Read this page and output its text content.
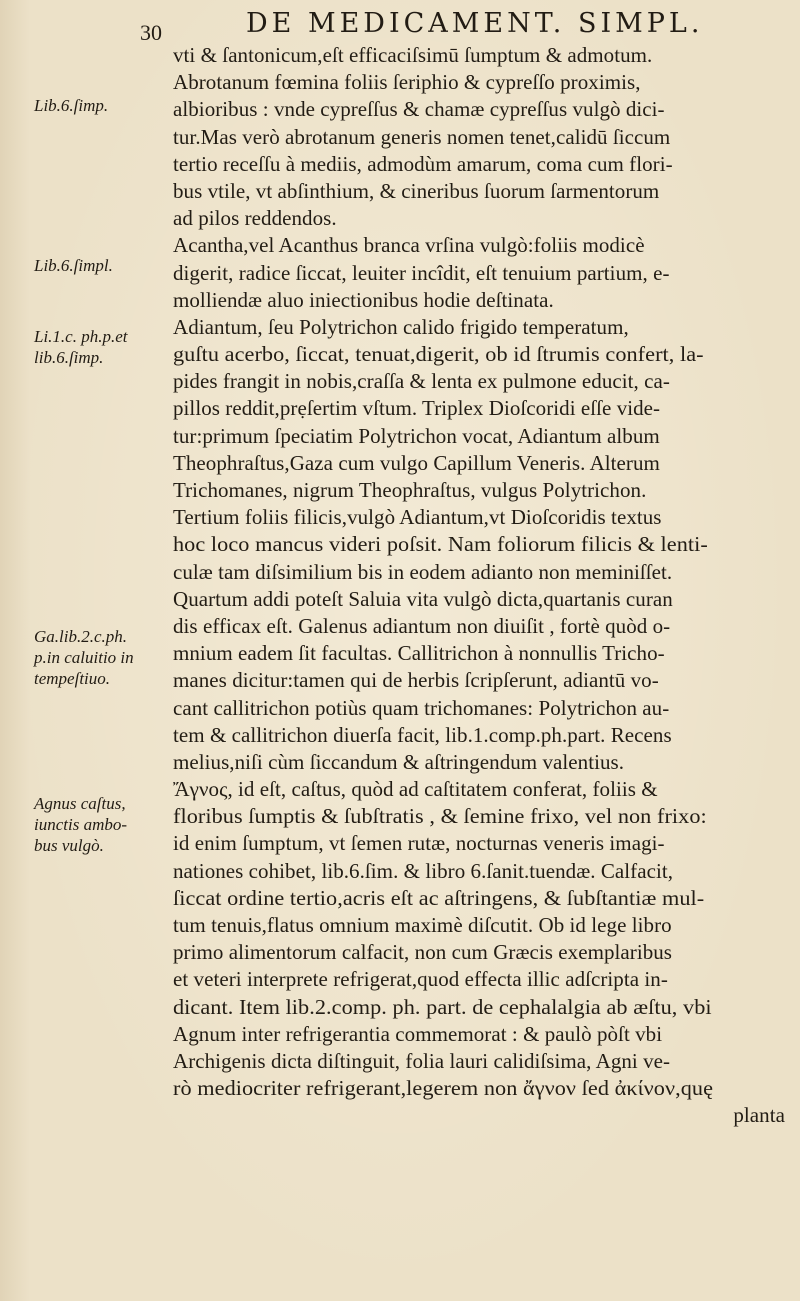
30	DE MEDICAMENT. SIMPL.
Lib.6.ſimp.
Lib.6.ſimpl.
Li.1.c. ph.p.et
lib.6.ſimp.
Ga.lib.2.c.ph.
p.in caluitio in
tempeſtiuo.
Agnus caſtus,
iunctis ambo-
bus vulgò.
vti & ſantonicum,eſt efficaciſsimū ſumptum & admotum.
Abrotanum fœmina foliis ſeriphio & cypreſſo proximis,
albioribus : vnde cypreſſus & chamæ cypreſſus vulgò dici-
tur.Mas verò abrotanum generis nomen tenet,calidū ſiccum
tertio receſſu à mediis, admodùm amarum, coma cum flori-
bus vtile, vt abſinthium, & cineribus ſuorum ſarmentorum
ad pilos reddendos.
Acantha,vel Acanthus branca vrſina vulgò:foliis modicè
digerit, radice ſiccat, leuiter incîdit, eſt tenuium partium, e-
molliendæ aluo iniectionibus hodie deſtinata.
Adiantum, ſeu Polytrichon calido frigido temperatum,
guſtu acerbo, ſiccat, tenuat,digerit, ob id ſtrumis confert, la-
pides frangit in nobis,craſſa & lenta ex pulmone educit, ca-
pillos reddit,prẹſertim vſtum. Triplex Dioſcoridi eſſe vide-
tur:primum ſpeciatim Polytrichon vocat, Adiantum album
Theophraſtus,Gaza cum vulgo Capillum Veneris. Alterum
Trichomanes, nigrum Theophraſtus, vulgus Polytrichon.
Tertium foliis filicis,vulgò Adiantum,vt Dioſcoridis textus
hoc loco mancus videri poſsit. Nam foliorum filicis & lenti-
culæ tam diſsimilium bis in eodem adianto non meminiſſet.
Quartum addi poteſt Saluia vita vulgò dicta,quartanis curan
dis efficax eſt. Galenus adiantum non diuiſit , fortè quòd o-
mnium eadem ſit facultas. Callitrichon à nonnullis Tricho-
manes dicitur:tamen qui de herbis ſcripſerunt, adiantū vo-
cant callitrichon potiùs quam trichomanes: Polytrichon au-
tem & callitrichon diuerſa facit, lib.1.comp.ph.part. Recens
melius,niſi cùm ſiccandum & aſtringendum valentius.
Ἄγνος, id eſt, caſtus, quòd ad caſtitatem conferat, foliis &
floribus ſumptis & ſubſtratis , & ſemine frixo, vel non frixo:
id enim ſumptum, vt ſemen rutæ, nocturnas veneris imagi-
nationes cohibet, lib.6.ſim. & libro 6.ſanit.tuendæ. Calfacit,
ſiccat ordine tertio,acris eſt ac aſtringens, & ſubſtantiæ mul-
tum tenuis,flatus omnium maximè diſcutit. Ob id lege libro
primo alimentorum calfacit, non cum Græcis exemplaribus
et veteri interprete refrigerat,quod effecta illic adſcripta in-
dicant. Item lib.2.comp. ph. part. de cephalalgia ab æſtu, vbi
Agnum inter refrigerantia commemorat : & paulò pòſt vbi
Archigenis dicta diſtinguit, folia lauri calidiſsima, Agni ve-
rò mediocriter refrigerant,legerem non ἄγνον ſed ἀκίνον,quę
planta
